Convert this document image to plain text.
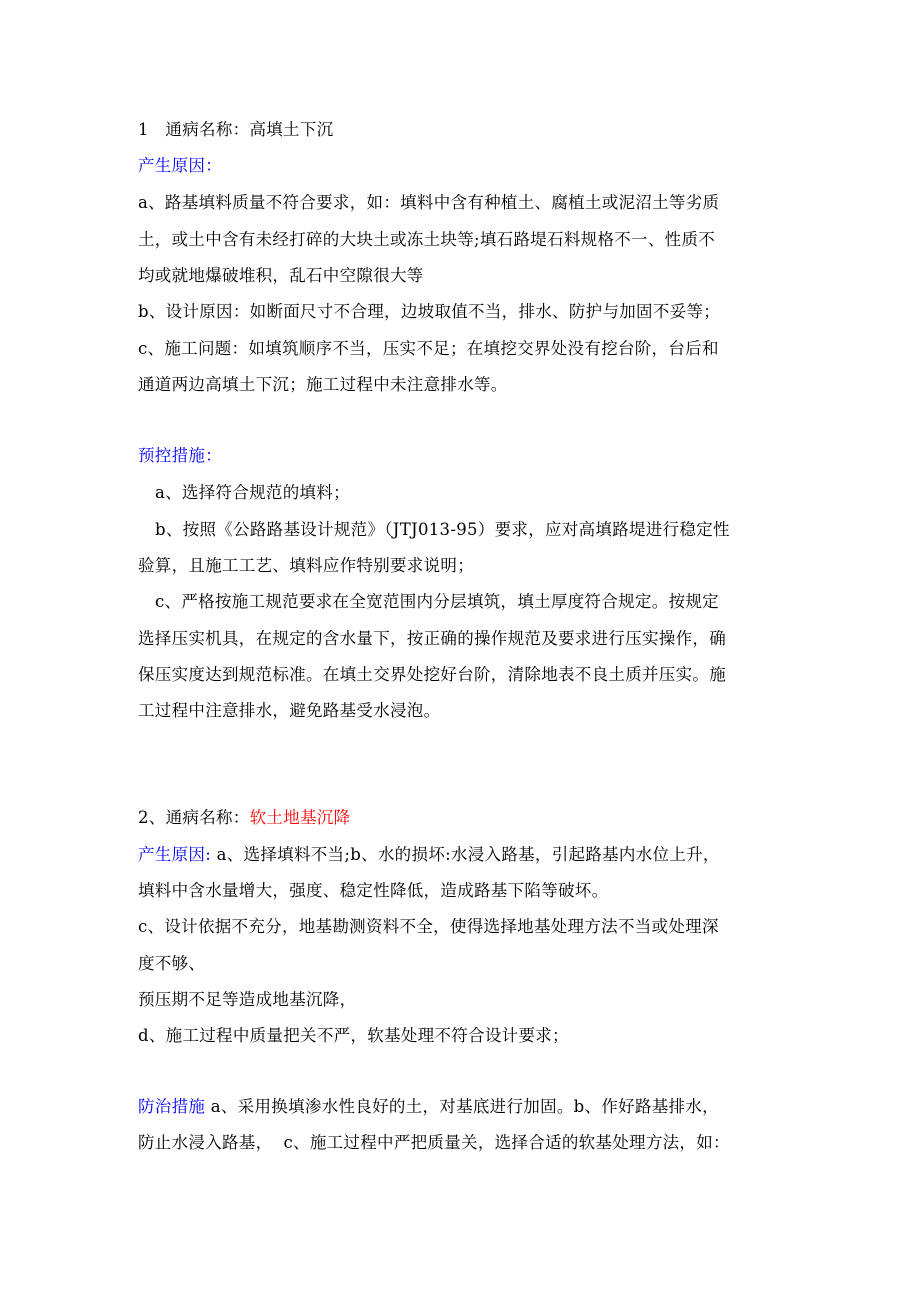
1   通病名称：高填土下沉
产生原因：
a、路基填料质量不符合要求，如：填料中含有种植土、腐植土或泥沼土等劣质
土，或土中含有未经打碎的大块土或冻土块等;填石路堤石料规格不一、性质不
均或就地爆破堆积，乱石中空隙很大等
b、设计原因：如断面尺寸不合理，边坡取值不当，排水、防护与加固不妥等；
c、施工问题：如填筑顺序不当，压实不足；在填挖交界处没有挖台阶，台后和
通道两边高填土下沉；施工过程中未注意排水等。
预控措施：
a、选择符合规范的填料；
b、按照《公路路基设计规范》（JTJ013-95）要求，应对高填路堤进行稳定性
验算，且施工工艺、填料应作特别要求说明；
c、严格按施工规范要求在全宽范围内分层填筑，填土厚度符合规定。按规定
选择压实机具，在规定的含水量下，按正确的操作规范及要求进行压实操作，确
保压实度达到规范标准。在填土交界处挖好台阶，清除地表不良土质并压实。施
工过程中注意排水，避免路基受水浸泡。
2、通病名称：软土地基沉降
产生原因: a、选择填料不当;b、水的损坏:水浸入路基，引起路基内水位上升，
填料中含水量增大，强度、稳定性降低，造成路基下陷等破坏。
c、设计依据不充分，地基勘测资料不全，使得选择地基处理方法不当或处理深
度不够、
预压期不足等造成地基沉降，
d、施工过程中质量把关不严，软基处理不符合设计要求；
防治措施 a、采用换填渗水性良好的土，对基底进行加固。b、作好路基排水，
防止水浸入路基，  c、施工过程中严把质量关，选择合适的软基处理方法，如：
